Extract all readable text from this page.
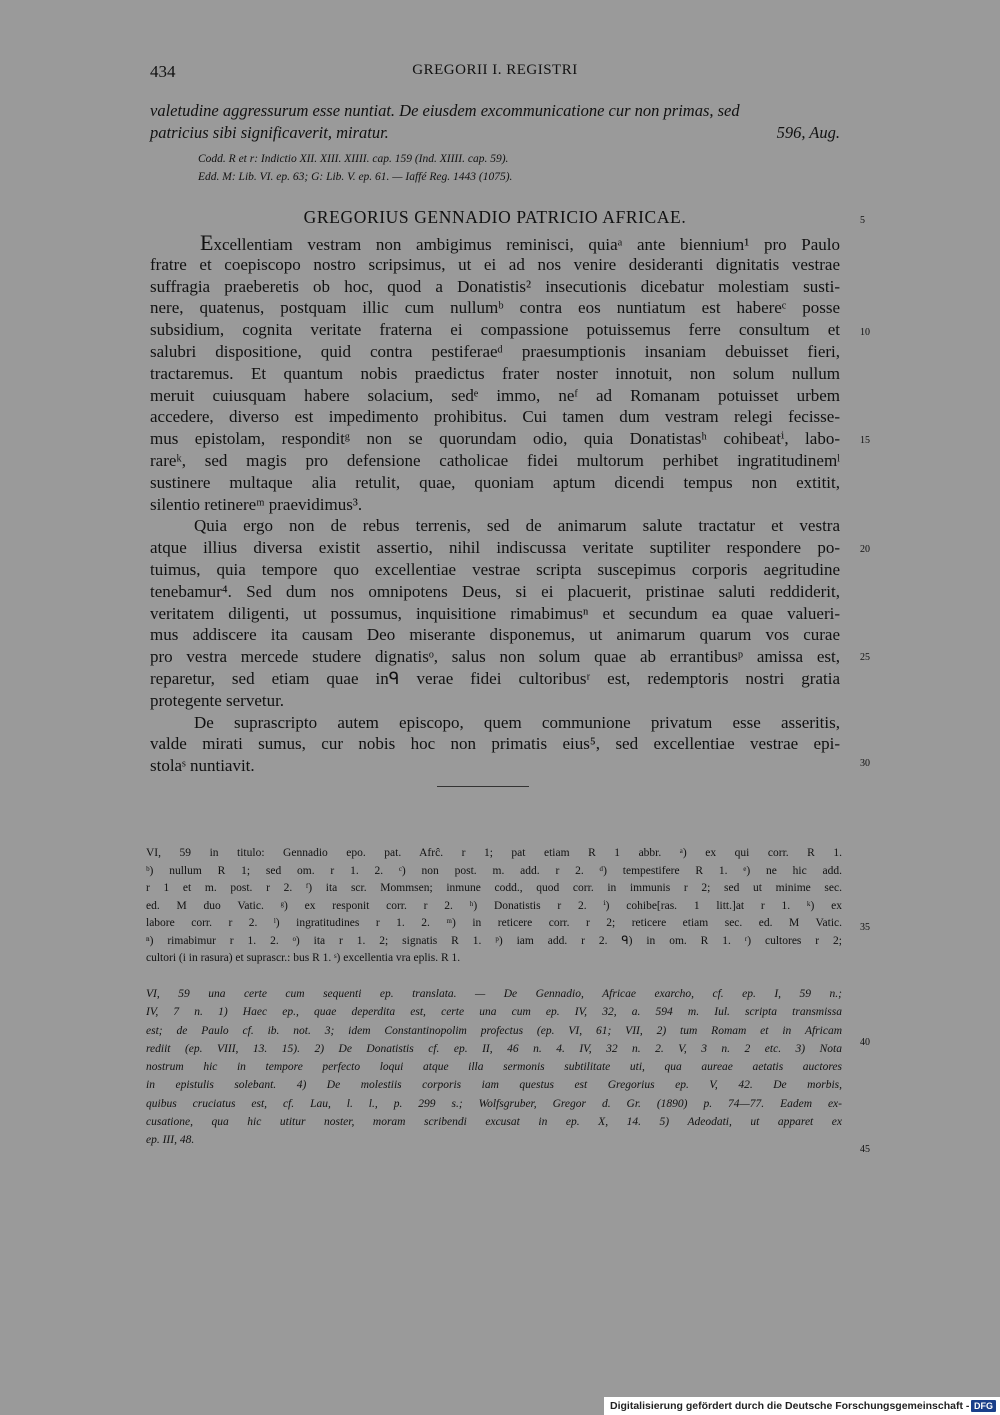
434	GREGORII I. REGISTRI
valetudine aggressurum esse nuntiat. De eiusdem excommunicatione cur non primas, sed
patricius sibi significaverit, miratur.	596, Aug.
Codd. R et r: Indictio XII. XIII. XIIII. cap. 159 (Ind. XIIII. cap. 59).
Edd. M: Lib. VI. ep. 63; G: Lib. V. ep. 61. — Iaffé Reg. 1443 (1075).
GREGORIUS GENNADIO PATRICIO AFRICAE.
Excellentiam vestram non ambigimus reminisci, quiaᵃ ante biennium¹ pro Paulo
fratre et coepiscopo nostro scripsimus, ut ei ad nos venire desideranti dignitatis vestrae
suffragia praeberetis ob hoc, quod a Donatistis² insecutionis dicebatur molestiam susti-
nere, quatenus, postquam illic cum nullumᵇ contra eos nuntiatum est habereᶜ posse
subsidium, cognita veritate fraterna ei compassione potuissemus ferre consultum et
salubri dispositione, quid contra pestiferaeᵈ praesumptionis insaniam debuisset fieri,
tractaremus. Et quantum nobis praedictus frater noster innotuit, non solum nullum
meruit cuiusquam habere solacium, sedᵉ immo, neᶠ ad Romanam potuisset urbem
accedere, diverso est impedimento prohibitus. Cui tamen dum vestram relegi fecisse-
mus epistolam, responditᵍ non se quorundam odio, quia Donatistasʰ cohibeatⁱ, labo-
rareᵏ, sed magis pro defensione catholicae fidei multorum perhibet ingratitudinemˡ
sustinere multaque alia retulit, quae, quoniam aptum dicendi tempus non extitit,
silentio retinereᵐ praevidimus³.
Quia ergo non de rebus terrenis, sed de animarum salute tractatur et vestra
atque illius diversa existit assertio, nihil indiscussa veritate suptiliter respondere po-
tuimus, quia tempore quo excellentiae vestrae scripta suscepimus corporis aegritudine
tenebamur⁴. Sed dum nos omnipotens Deus, si ei placuerit, pristinae saluti reddiderit,
veritatem diligenti, ut possumus, inquisitione rimabimusⁿ et secundum ea quae valueri-
mus addiscere ita causam Deo miserante disponemus, ut animarum quarum vos curae
pro vestra mercede studere dignatisᵒ, salus non solum quae ab errantibusᵖ amissa est,
reparetur, sed etiam quae inᑫ verae fidei cultoribusʳ est, redemptoris nostri gratia
protegente servetur.
De suprascripto autem episcopo, quem communione privatum esse asseritis,
valde mirati sumus, cur nobis hoc non primatis eius⁵, sed excellentiae vestrae epi-
stolaˢ nuntiavit.
5
10
15
20
25
30
35
40
45
VI, 59 in titulo: Gennadio epo. pat. Afrĉ. r 1; pat etiam R 1 abbr. ᵃ) ex qui corr. R 1.
ᵇ) nullum R 1; sed om. r 1. 2. ᶜ) non post. m. add. r 2. ᵈ) tempestifere R 1. ᵉ) ne hic add.
r 1 et m. post. r 2. ᶠ) ita scr. Mommsen; inmune codd., quod corr. in immunis r 2; sed ut minime sec.
ed. M duo Vatic. ᵍ) ex responit corr. r 2. ʰ) Donatistis r 2. ⁱ) cohibe[ras. 1 litt.]at r 1. ᵏ) ex
labore corr. r 2. ˡ) ingratitudines r 1. 2. ᵐ) in reticere corr. r 2; reticere etiam sec. ed. M Vatic.
ⁿ) rimabimur r 1. 2. ᵒ) ita r 1. 2; signatis R 1. ᵖ) iam add. r 2. ᑫ) in om. R 1. ʳ) cultores r 2;
cultori (i in rasura) et suprascr.: bus R 1. ˢ) excellentia vra eplis. R 1.
VI, 59 una certe cum sequenti ep. translata. — De Gennadio, Africae exarcho, cf. ep. I, 59 n.;
IV, 7 n. 1) Haec ep., quae deperdita est, certe una cum ep. IV, 32, a. 594 m. Iul. scripta transmissa
est; de Paulo cf. ib. not. 3; idem Constantinopolim profectus (ep. VI, 61; VII, 2) tum Romam et in Africam
rediit (ep. VIII, 13. 15). 2) De Donatistis cf. ep. II, 46 n. 4. IV, 32 n. 2. V, 3 n. 2 etc. 3) Nota
nostrum hic in tempore perfecto loqui atque illa sermonis subtilitate uti, qua aureae aetatis auctores
in epistulis solebant. 4) De molestiis corporis iam questus est Gregorius ep. V, 42. De morbis,
quibus cruciatus est, cf. Lau, l. l., p. 299 s.; Wolfsgruber, Gregor d. Gr. (1890) p. 74—77. Eadem ex-
cusatione, qua hic utitur noster, moram scribendi excusat in ep. X, 14. 5) Adeodati, ut apparet ex
ep. III, 48.
Digitalisierung gefördert durch die Deutsche Forschungsgemeinschaft - DFG
